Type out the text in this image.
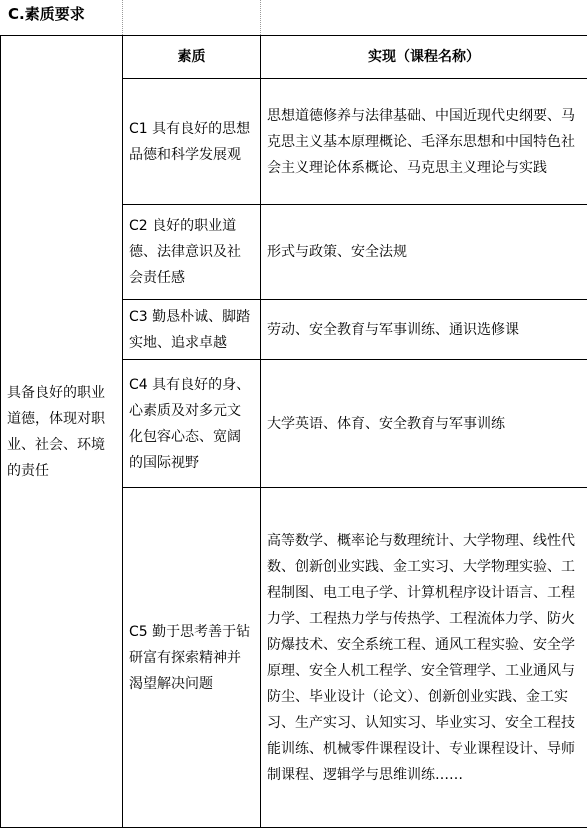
C.素质要求
具备良好的职业道德，体现对职业、社会、环境的责任	素质	实现（课程名称）
	C1 具有良好的思想品德和科学发展观	思想道德修养与法律基础、中国近现代史纲要、马克思主义基本原理概论、毛泽东思想和中国特色社会主义理论体系概论、马克思主义理论与实践
	C2 良好的职业道德、法律意识及社会责任感	形式与政策、安全法规
	C3 勤恳朴诚、脚踏实地、追求卓越	劳动、安全教育与军事训练、通识选修课
	C4 具有良好的身、心素质及对多元文化包容心态、宽阔的国际视野	大学英语、体育、安全教育与军事训练
	C5 勤于思考善于钻研富有探索精神并渴望解决问题	高等数学、概率论与数理统计、大学物理、线性代数、创新创业实践、金工实习、大学物理实验、工程制图、电工电子学、计算机程序设计语言、工程力学、工程热力学与传热学、工程流体力学、防火防爆技术、安全系统工程、通风工程实验、安全学原理、安全人机工程学、安全管理学、工业通风与防尘、毕业设计（论文）、创新创业实践、金工实习、生产实习、认知实习、毕业实习、安全工程技能训练、机械零件课程设计、专业课程设计、导师制课程、逻辑学与思维训练……
